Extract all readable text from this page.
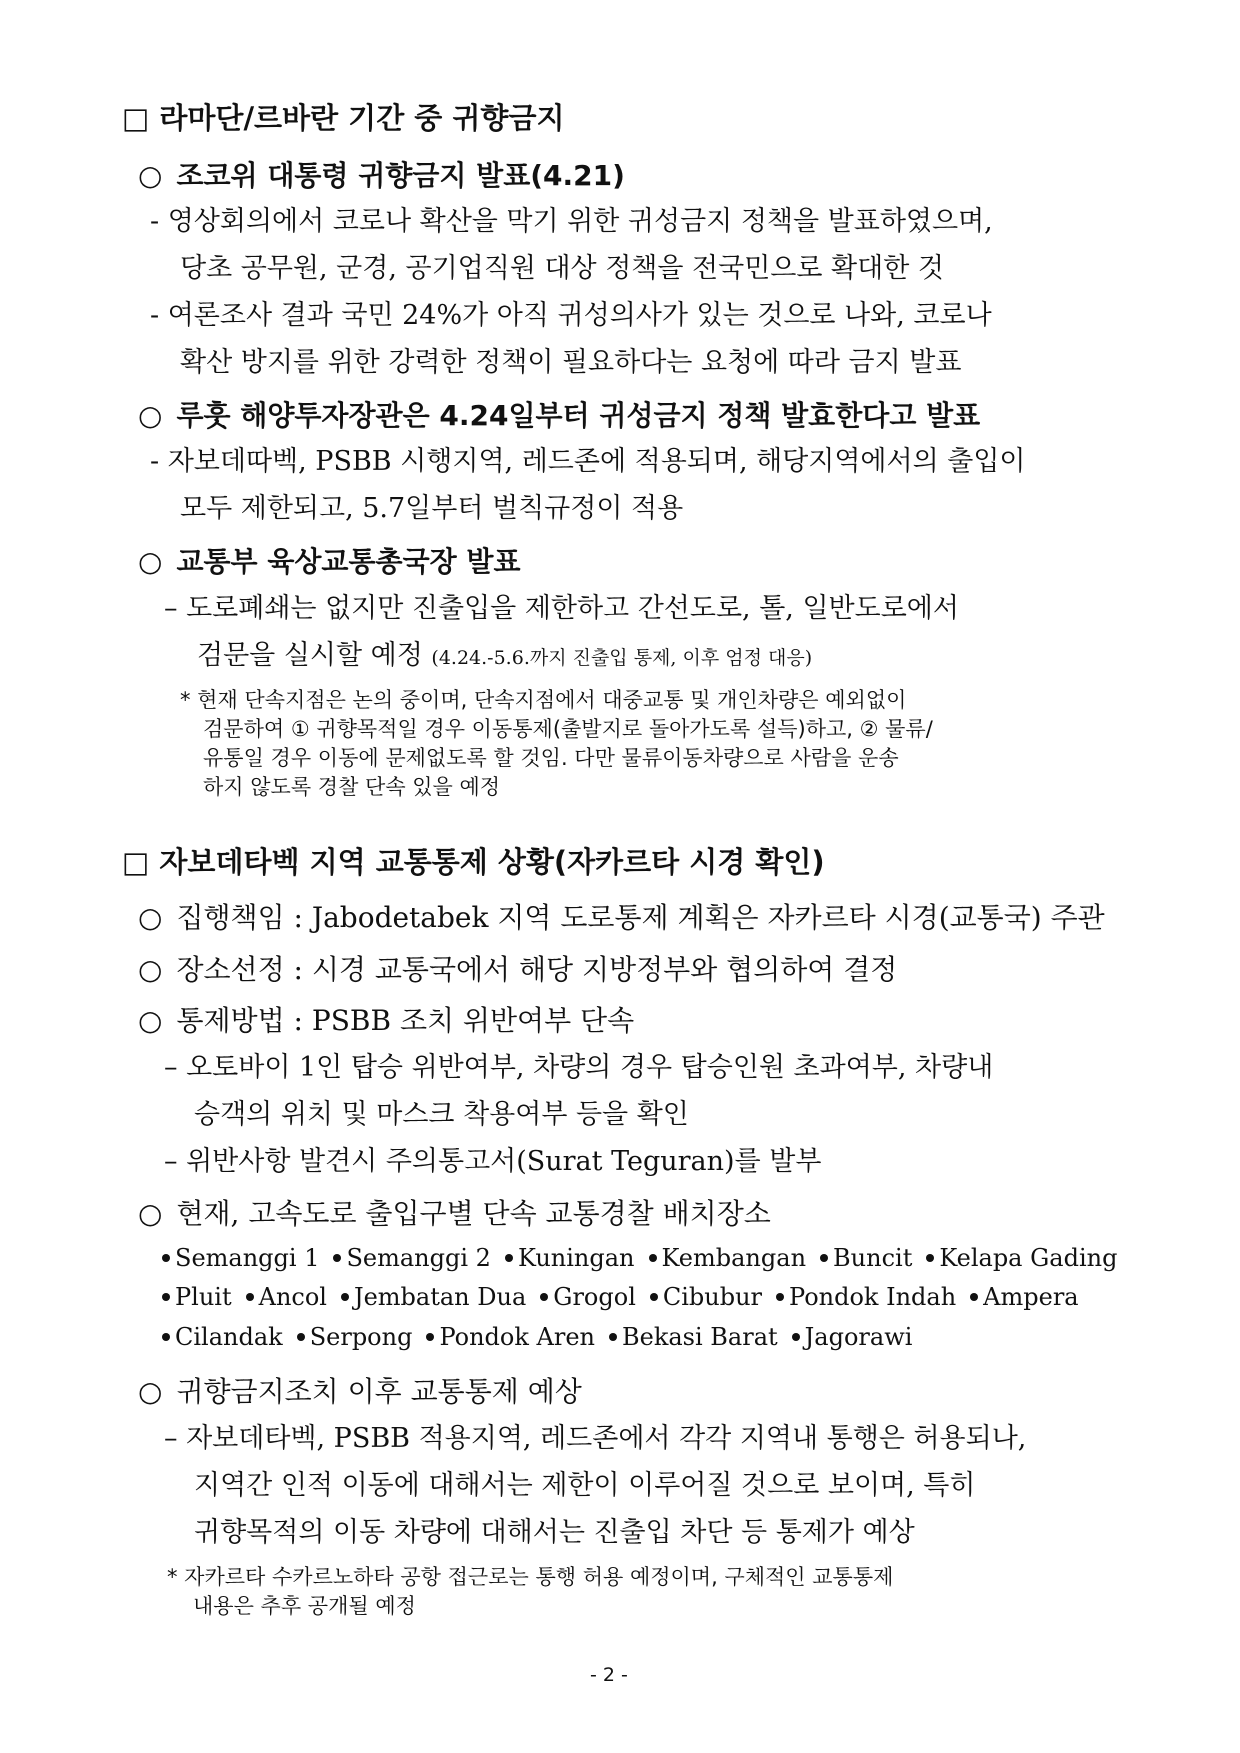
□ 라마단/르바란 기간 중 귀향금지
○ 조코위 대통령 귀향금지 발표(4.21)
- 영상회의에서 코로나 확산을 막기 위한 귀성금지 정책을 발표하였으며,
당초 공무원, 군경, 공기업직원 대상 정책을 전국민으로 확대한 것
- 여론조사 결과 국민 24%가 아직 귀성의사가 있는 것으로 나와, 코로나
확산 방지를 위한 강력한 정책이 필요하다는 요청에 따라 금지 발표
○ 루훗 해양투자장관은 4.24일부터 귀성금지 정책 발효한다고 발표
- 자보데따벡, PSBB 시행지역, 레드존에 적용되며, 해당지역에서의 출입이
모두 제한되고, 5.7일부터 벌칙규정이 적용
○ 교통부 육상교통총국장 발표
– 도로폐쇄는 없지만 진출입을 제한하고 간선도로, 톨, 일반도로에서
검문을 실시할 예정 (4.24.-5.6.까지 진출입 통제, 이후 엄정 대응)
* 현재 단속지점은 논의 중이며, 단속지점에서 대중교통 및 개인차량은 예외없이
검문하여 ① 귀향목적일 경우 이동통제(출발지로 돌아가도록 설득)하고, ② 물류/
유통일 경우 이동에 문제없도록 할 것임. 다만 물류이동차량으로 사람을 운송
하지 않도록 경찰 단속 있을 예정
□ 자보데타벡 지역 교통통제 상황(자카르타 시경 확인)
○ 집행책임 : Jabodetabek 지역 도로통제 계획은 자카르타 시경(교통국) 주관
○ 장소선정 : 시경 교통국에서 해당 지방정부와 협의하여 결정
○ 통제방법 : PSBB 조치 위반여부 단속
– 오토바이 1인 탑승 위반여부, 차량의 경우 탑승인원 초과여부, 차량내
승객의 위치 및 마스크 착용여부 등을 확인
– 위반사항 발견시 주의통고서(Surat Teguran)를 발부
○ 현재, 고속도로 출입구별 단속 교통경찰 배치장소
Semanggi 1 Semanggi 2 Kuningan Kembangan Buncit Kelapa Gading
Pluit Ancol Jembatan Dua Grogol Cibubur Pondok Indah Ampera
Cilandak Serpong Pondok Aren Bekasi Barat Jagorawi
○ 귀향금지조치 이후 교통통제 예상
– 자보데타벡, PSBB 적용지역, 레드존에서 각각 지역내 통행은 허용되나,
지역간 인적 이동에 대해서는 제한이 이루어질 것으로 보이며, 특히
귀향목적의 이동 차량에 대해서는 진출입 차단 등 통제가 예상
* 자카르타 수카르노하타 공항 접근로는 통행 허용 예정이며, 구체적인 교통통제
내용은 추후 공개될 예정
- 2 -
